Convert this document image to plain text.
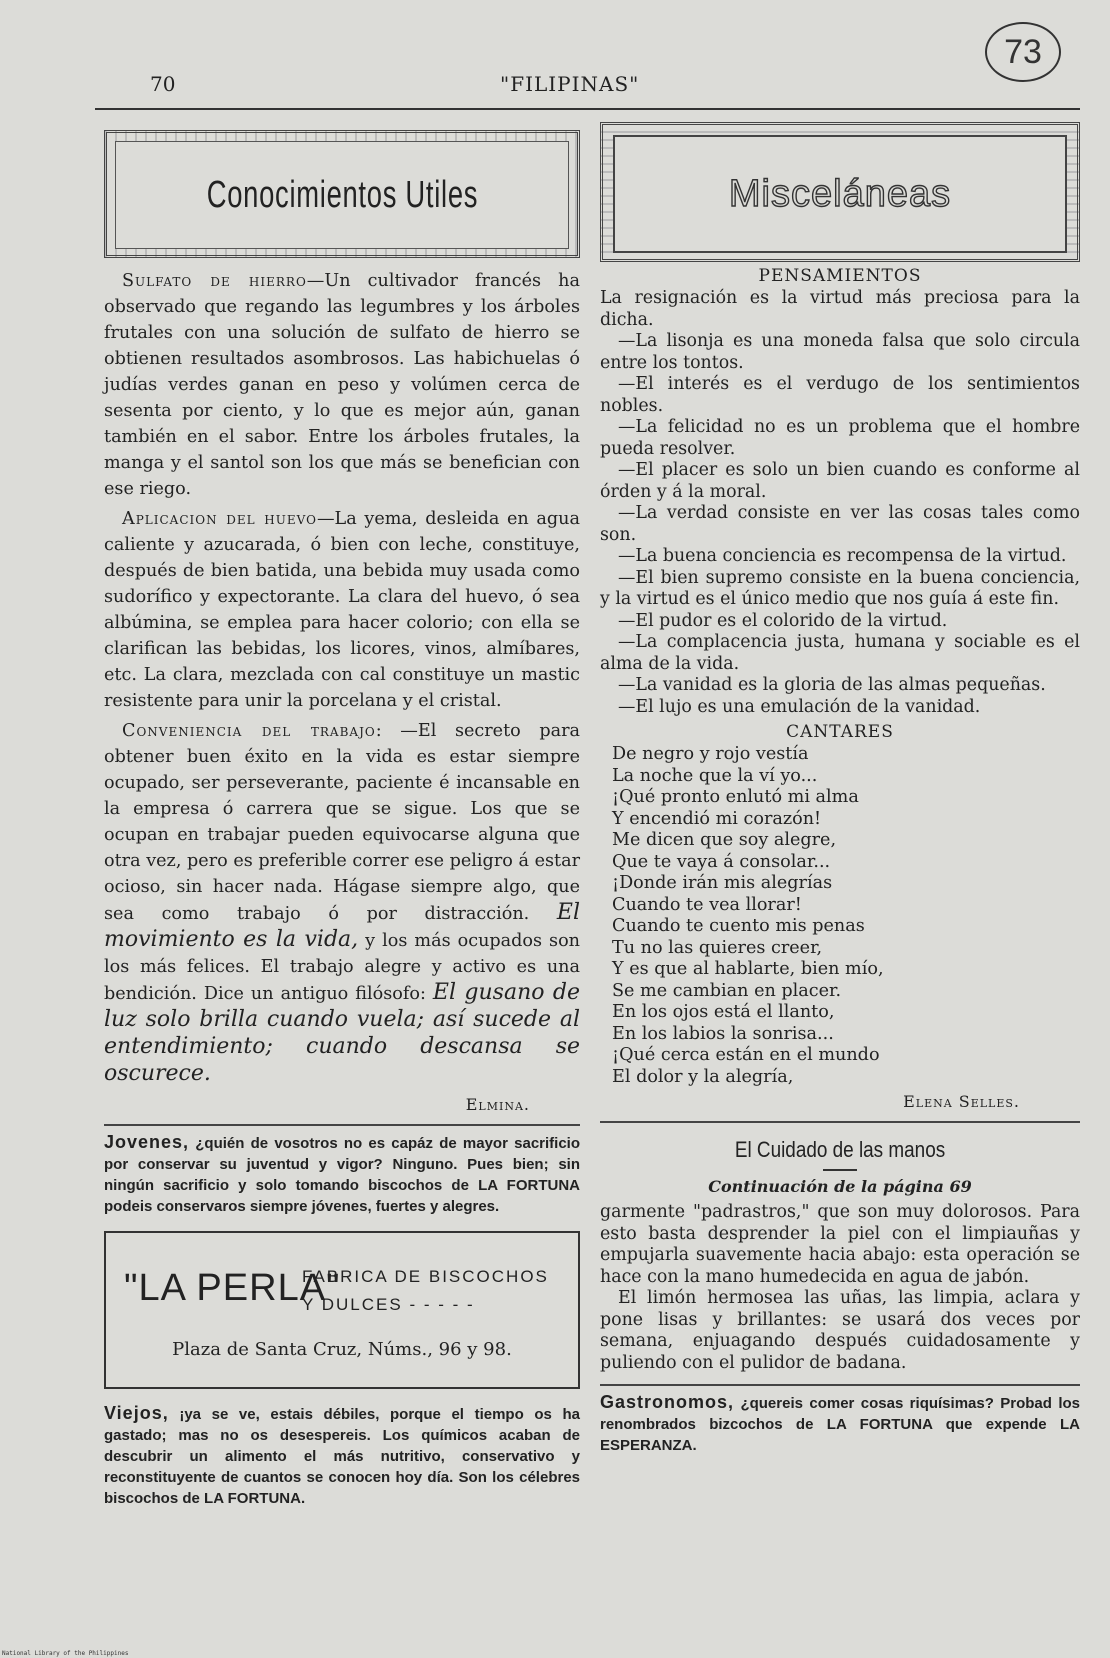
70	"FILIPINAS"
73
Conocimientos Utiles

Sulfato de hierro—Un cultivador francés ha observado que regando las legumbres y los árboles frutales con una solución de sulfato de hierro se obtienen resultados asombrosos. Las habichuelas ó judías verdes ganan en peso y volúmen cerca de sesenta por ciento, y lo que es mejor aún, ganan también en el sabor. Entre los árboles frutales, la manga y el santol son los que más se benefician con ese riego.

Aplicacion del huevo—La yema, desleida en agua caliente y azucarada, ó bien con leche, constituye, después de bien batida, una bebida muy usada como sudorífico y expectorante. La clara del huevo, ó sea albúmina, se emplea para hacer colorio; con ella se clarifican las bebidas, los licores, vinos, almíbares, etc. La clara, mezclada con cal constituye un mastic resistente para unir la porcelana y el cristal.

Conveniencia del trabajo: —El secreto para obtener buen éxito en la vida es estar siempre ocupado, ser perseverante, paciente é incansable en la empresa ó carrera que se sigue. Los que se ocupan en trabajar pueden equivocarse alguna que otra vez, pero es preferible correr ese peligro á estar ocioso, sin hacer nada. Hágase siempre algo, que sea como trabajo ó por distracción. El movimiento es la vida, y los más ocupados son los más felices. El trabajo alegre y activo es una bendición. Dice un antiguo filósofo: El gusano de luz solo brilla cuando vuela; así sucede al entendimiento; cuando descansa se oscurece.

Elmina.

Jovenes, ¿quién de vosotros no es capáz de mayor sacrificio por conservar su juventud y vigor? Ninguno. Pues bien; sin ningún sacrificio y solo tomando biscochos de LA FORTUNA podeis conservaros siempre jóvenes, fuertes y alegres.

"LA PERLA"
FABRICA DE BISCOCHOS
Y DULCES - - - - -
Plaza de Santa Cruz, Núms., 96 y 98.

Viejos, ¡ya se ve, estais débiles, porque el tiempo os ha gastado; mas no os desespereis. Los químicos acaban de descubrir un alimento el más nutritivo, conservativo y reconstituyente de cuantos se conocen hoy día. Son los célebres biscochos de LA FORTUNA.

Misceláneas
PENSAMIENTOS

La resignación es la virtud más preciosa para la dicha.

—La lisonja es una moneda falsa que solo circula entre los tontos.

—El interés es el verdugo de los sentimientos nobles.

—La felicidad no es un problema que el hombre pueda resolver.

—El placer es solo un bien cuando es conforme al órden y á la moral.

—La verdad consiste en ver las cosas tales como son.

—La buena conciencia es recompensa de la virtud.

—El bien supremo consiste en la buena conciencia, y la virtud es el único medio que nos guía á este fin.

—El pudor es el colorido de la virtud.

—La complacencia justa, humana y sociable es el alma de la vida.

—La vanidad es la gloria de las almas pequeñas.

—El lujo es una emulación de la vanidad.

CANTARES
De negro y rojo vestía
La noche que la ví yo...
¡Qué pronto enlutó mi alma
Y encendió mi corazón!
Me dicen que soy alegre,
Que te vaya á consolar...
¡Donde irán mis alegrías
Cuando te vea llorar!
Cuando te cuento mis penas
Tu no las quieres creer,
Y es que al hablarte, bien mío,
Se me cambian en placer.
En los ojos está el llanto,
En los labios la sonrisa...
¡Qué cerca están en el mundo
El dolor y la alegría,
Elena Selles.
El Cuidado de las manos
Continuación de la página 69

garmente "padrastros," que son muy dolorosos. Para esto basta desprender la piel con el limpiauñas y empujarla suavemente hacia abajo: esta operación se hace con la mano humedecida en agua de jabón.

El limón hermosea las uñas, las limpia, aclara y pone lisas y brillantes: se usará dos veces por semana, enjuagando después cuidadosamente y puliendo con el pulidor de badana.

Gastronomos, ¿quereis comer cosas riquísimas? Probad los renombrados bizcochos de LA FORTUNA que expende LA ESPERANZA.

National Library of the Philippines
